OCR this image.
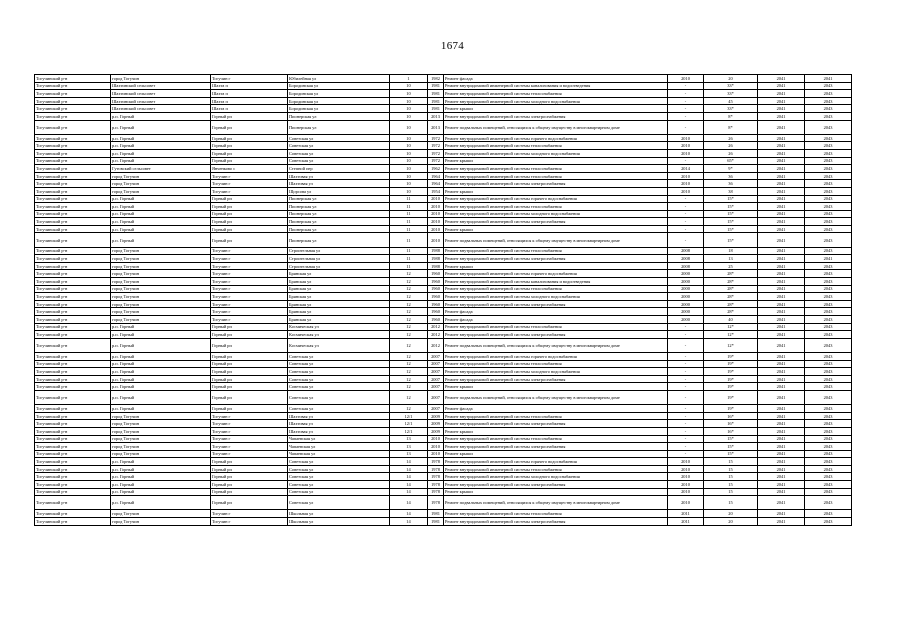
1674
Тогучинский р-н	город Тогучин	Тогучин г	Юбилейная ул	1	1982	Ремонт фасада	2010	20	2041	2041
Тогучинский р-н	Шахтинский сельсовет	Шахта п	Бородинская ул	10	1981	Ремонт внутридомовой инженерной системы канализования и водоотведения	-	33*	2041	2043
Тогучинский р-н	Шахтинский сельсовет	Шахта п	Бородинская ул	10	1981	Ремонт внутридомовой инженерной системы теплоснабжения	-	33*	2041	2043
Тогучинский р-н	Шахтинский сельсовет	Шахта п	Бородинская ул	10	1981	Ремонт внутридомовой инженерной системы холодного водоснабжения	-	45	2041	2043
Тогучинский р-н	Шахтинский сельсовет	Шахта п	Бородинская ул	10	1981	Ремонт крыши	-	33*	2041	2043
Тогучинский р-н	р.п. Горный	Горный рп	Пионерская ул	10	2013	Ремонт внутридомовой инженерной системы электроснабжения	-	8*	2041	2043
Тогучинский р-н	р.п. Горный	Горный рп	Пионерская ул	10	2013	Ремонт подвальных помещений, относящихся к общему имуществу в многоквартирном доме	-	8*	2041	2043
Тогучинский р-н	р.п. Горный	Горный рп	Советская ул	10	1972	Ремонт внутридомовой инженерной системы горячего водоснабжения	2010	26	2041	2043
Тогучинский р-н	р.п. Горный	Горный рп	Советская ул	10	1972	Ремонт внутридомовой инженерной системы теплоснабжения	2010	26	2041	2043
Тогучинский р-н	р.п. Горный	Горный рп	Советская ул	10	1972	Ремонт внутридомовой инженерной системы холодного водоснабжения	2010	26	2041	2043
Тогучинский р-н	р.п. Горный	Горный рп	Советская ул	10	1972	Ремонт крыши	-	65*	2041	2043
Тогучинский р-н	Гутовский сельсовет	Янченково с	Степной пер	10	1962	Ремонт внутридомовой инженерной системы теплоснабжения	2014	9*	2041	2043
Тогучинский р-н	город Тогучин	Тогучин г	Шахтовая ул	10	1964	Ремонт внутридомовой инженерной системы теплоснабжения	2010	36	2041	2043
Тогучинский р-н	город Тогучин	Тогучин г	Шахтовая ул	10	1964	Ремонт внутридомовой инженерной системы электроснабжения	2010	36	2041	2043
Тогучинский р-н	город Тогучин	Тогучин г	Щорсова ул	10	1954	Ремонт крыши	2010	38	2041	2043
Тогучинский р-н	р.п. Горный	Горный рп	Пионерская ул	11	2010	Ремонт внутридомовой инженерной системы горячего водоснабжения	-	15*	2041	2043
Тогучинский р-н	р.п. Горный	Горный рп	Пионерская ул	11	2010	Ремонт внутридомовой инженерной системы теплоснабжения	-	15*	2041	2043
Тогучинский р-н	р.п. Горный	Горный рп	Пионерская ул	11	2010	Ремонт внутридомовой инженерной системы холодного водоснабжения	-	15*	2041	2043
Тогучинский р-н	р.п. Горный	Горный рп	Пионерская ул	11	2010	Ремонт внутридомовой инженерной системы электроснабжения	-	15*	2041	2043
Тогучинский р-н	р.п. Горный	Горный рп	Пионерская ул	11	2010	Ремонт крыши	-	15*	2041	2043
Тогучинский р-н	р.п. Горный	Горный рп	Пионерская ул	11	2010	Ремонт подвальных помещений, относящихся к общему имуществу в многоквартирном доме	-	15*	2041	2043
Тогучинский р-н	город Тогучин	Тогучин г	Строительная ул	11	1988	Ремонт внутридомовой инженерной системы теплоснабжения	2008	18	2041	2043
Тогучинский р-н	город Тогучин	Тогучин г	Строительная ул	11	1988	Ремонт внутридомовой инженерной системы электроснабжения	2008	13	2041	2041
Тогучинский р-н	город Тогучин	Тогучин г	Строительная ул	11	1988	Ремонт крыши	2008	25	2041	2043
Тогучинский р-н	город Тогучин	Тогучин г	Брянская ул	12	1960	Ремонт внутридомовой инженерной системы горячего водоснабжения	2000	28*	2041	2043
Тогучинский р-н	город Тогучин	Тогучин г	Брянская ул	12	1960	Ремонт внутридомовой инженерной системы канализования и водоотведения	2000	28*	2041	2043
Тогучинский р-н	город Тогучин	Тогучин г	Брянская ул	12	1960	Ремонт внутридомовой инженерной системы теплоснабжения	2000	28*	2041	2043
Тогучинский р-н	город Тогучин	Тогучин г	Брянская ул	12	1960	Ремонт внутридомовой инженерной системы холодного водоснабжения	2000	28*	2041	2043
Тогучинский р-н	город Тогучин	Тогучин г	Брянская ул	12	1960	Ремонт внутридомовой инженерной системы электроснабжения	2000	28*	2041	2043
Тогучинский р-н	город Тогучин	Тогучин г	Брянская ул	12	1960	Ремонт фасада	2000	28*	2041	2043
Тогучинский р-н	город Тогучин	Тогучин г	Брянская ул	12	1960	Ремонт фасада	2000	40	2041	2043
Тогучинский р-н	р.п. Горный	Горный рп	Космическая ул	12	2012	Ремонт внутридомовой инженерной системы теплоснабжения	-	12*	2041	2043
Тогучинский р-н	р.п. Горный	Горный рп	Космическая ул	12	2012	Ремонт внутридомовой инженерной системы электроснабжения	-	12*	2041	2043
Тогучинский р-н	р.п. Горный	Горный рп	Космическая ул	12	2012	Ремонт подвальных помещений, относящихся к общему имуществу в многоквартирном доме	-	12*	2041	2043
Тогучинский р-н	р.п. Горный	Горный рп	Советская ул	12	2007	Ремонт внутридомовой инженерной системы горячего водоснабжения	-	19*	2041	2043
Тогучинский р-н	р.п. Горный	Горный рп	Советская ул	12	2007	Ремонт внутридомовой инженерной системы теплоснабжения	-	19*	2041	2043
Тогучинский р-н	р.п. Горный	Горный рп	Советская ул	12	2007	Ремонт внутридомовой инженерной системы холодного водоснабжения	-	19*	2041	2043
Тогучинский р-н	р.п. Горный	Горный рп	Советская ул	12	2007	Ремонт внутридомовой инженерной системы электроснабжения	-	19*	2041	2043
Тогучинский р-н	р.п. Горный	Горный рп	Советская ул	12	2007	Ремонт крыши	-	19*	2041	2043
Тогучинский р-н	р.п. Горный	Горный рп	Советская ул	12	2007	Ремонт подвальных помещений, относящихся к общему имуществу в многоквартирном доме	-	19*	2041	2043
Тогучинский р-н	р.п. Горный	Горный рп	Советская ул	12	2007	Ремонт фасада	-	19*	2041	2043
Тогучинский р-н	город Тогучин	Тогучин г	Шахтовая ул	12/1	2009	Ремонт внутридомовой инженерной системы теплоснабжения	-	16*	2041	2043
Тогучинский р-н	город Тогучин	Тогучин г	Шахтовая ул	12/1	2009	Ремонт внутридомовой инженерной системы электроснабжения	-	16*	2041	2043
Тогучинский р-н	город Тогучин	Тогучин г	Шахтовая ул	12/1	2009	Ремонт крыши	-	16*	2041	2043
Тогучинский р-н	город Тогучин	Тогучин г	Чапаевская ул	13	2010	Ремонт внутридомовой инженерной системы теплоснабжения	-	15*	2041	2043
Тогучинский р-н	город Тогучин	Тогучин г	Чапаевская ул	13	2010	Ремонт внутридомовой инженерной системы электроснабжения	-	15*	2041	2043
Тогучинский р-н	город Тогучин	Тогучин г	Чапаевская ул	13	2010	Ремонт крыши	-	15*	2041	2043
Тогучинский р-н	р.п. Горный	Горный рп	Советская ул	14	1978	Ремонт внутридомовой инженерной системы горячего водоснабжения	2010	15	2041	2043
Тогучинский р-н	р.п. Горный	Горный рп	Советская ул	14	1978	Ремонт внутридомовой инженерной системы теплоснабжения	2010	15	2041	2043
Тогучинский р-н	р.п. Горный	Горный рп	Советская ул	14	1978	Ремонт внутридомовой инженерной системы холодного водоснабжения	2010	15	2041	2043
Тогучинский р-н	р.п. Горный	Горный рп	Советская ул	14	1978	Ремонт внутридомовой инженерной системы электроснабжения	2010	15	2041	2043
Тогучинский р-н	р.п. Горный	Горный рп	Советская ул	14	1978	Ремонт крыши	2010	15	2041	2043
Тогучинский р-н	р.п. Горный	Горный рп	Советская ул	14	1978	Ремонт подвальных помещений, относящихся к общему имуществу в многоквартирном доме	2010	15	2041	2043
Тогучинский р-н	город Тогучин	Тогучин г	Школьная ул	14	1981	Ремонт внутридомовой инженерной системы теплоснабжения	2011	20	2041	2043
Тогучинский р-н	город Тогучин	Тогучин г	Школьная ул	14	1981	Ремонт внутридомовой инженерной системы электроснабжения	2011	20	2041	2043
